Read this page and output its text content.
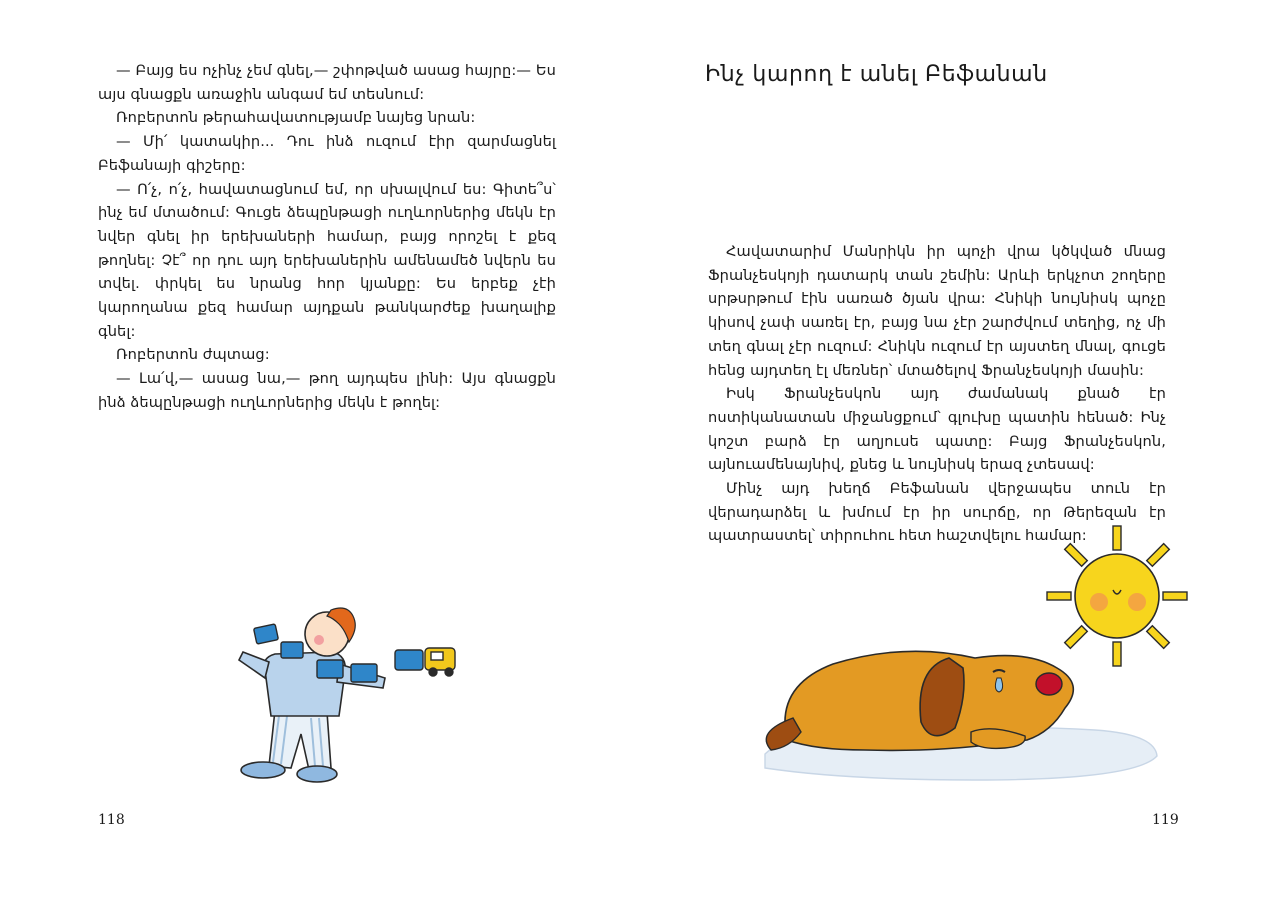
— Բայց ես ոչինչ չեմ գնել,— շփոթված ասաց հայրը:— Ես այս գնացքն առաջին անգամ եմ տեսնում:

Ռոբերտոն թերահավատությամբ նայեց նրան:

— Մի՛ կատակիր... Դու ինձ ուզում էիր զարմացնել Բեֆանայի գիշերը:

— Ո՛չ, ո՛չ, հավատացնում եմ, որ սխալվում ես: Գիտե՞ս՝ ինչ եմ մտածում: Գուցե ձեպընթացի ուղևորներից մեկն էր նվեր գնել իր երեխաների համար, բայց որոշել է քեզ թողնել: Չէ՞ որ դու այդ երեխաներին ամենամեծ նվերն ես տվել. փրկել ես նրանց հոր կյանքը: Ես երբեք չէի կարողանա քեզ համար այդքան թանկարժեք խաղալիք գնել:

Ռոբերտոն ժպտաց:

— Լա՛վ,— ասաց նա,— թող այդպես լինի: Այս գնացքն ինձ ձեպընթացի ուղևորներից մեկն է թողել:

118
Ինչ կարող է անել Բեֆանան

Հավատարիմ Մանրիկն իր պոչի վրա կծկված մնաց Ֆրանչեսկոյի դատարկ տան շեմին: Արևի երկչոտ շողերը սրթսրթում էին սառած ծյան վրա: Հնիկի նույնիսկ պոչը կիսով չափ սառել էր, բայց նա չէր շարժվում տեղից, ոչ մի տեղ գնալ չէր ուզում: Հնիկն ուզում էր այստեղ մնալ, գուցե հենց այդտեղ էլ մեռներ՝ մտածելով Ֆրանչեսկոյի մասին:

Իսկ Ֆրանչեսկոն այդ ժամանակ քնած էր ոստիկանատան միջանցքում՝ գլուխը պատին հենած: Ինչ կոշտ բարձ էր աղյուսե պատը: Բայց Ֆրանչեսկոն, այնուամենայնիվ, քնեց և նույնիսկ երազ չտեսավ:

Մինչ այդ խեղճ Բեֆանան վերջապես տուն էր վերադարձել և խմում էր իր սուրճը, որ Թերեզան էր պատրաստել՝ տիրուհու հետ հաշտվելու համար:

119
